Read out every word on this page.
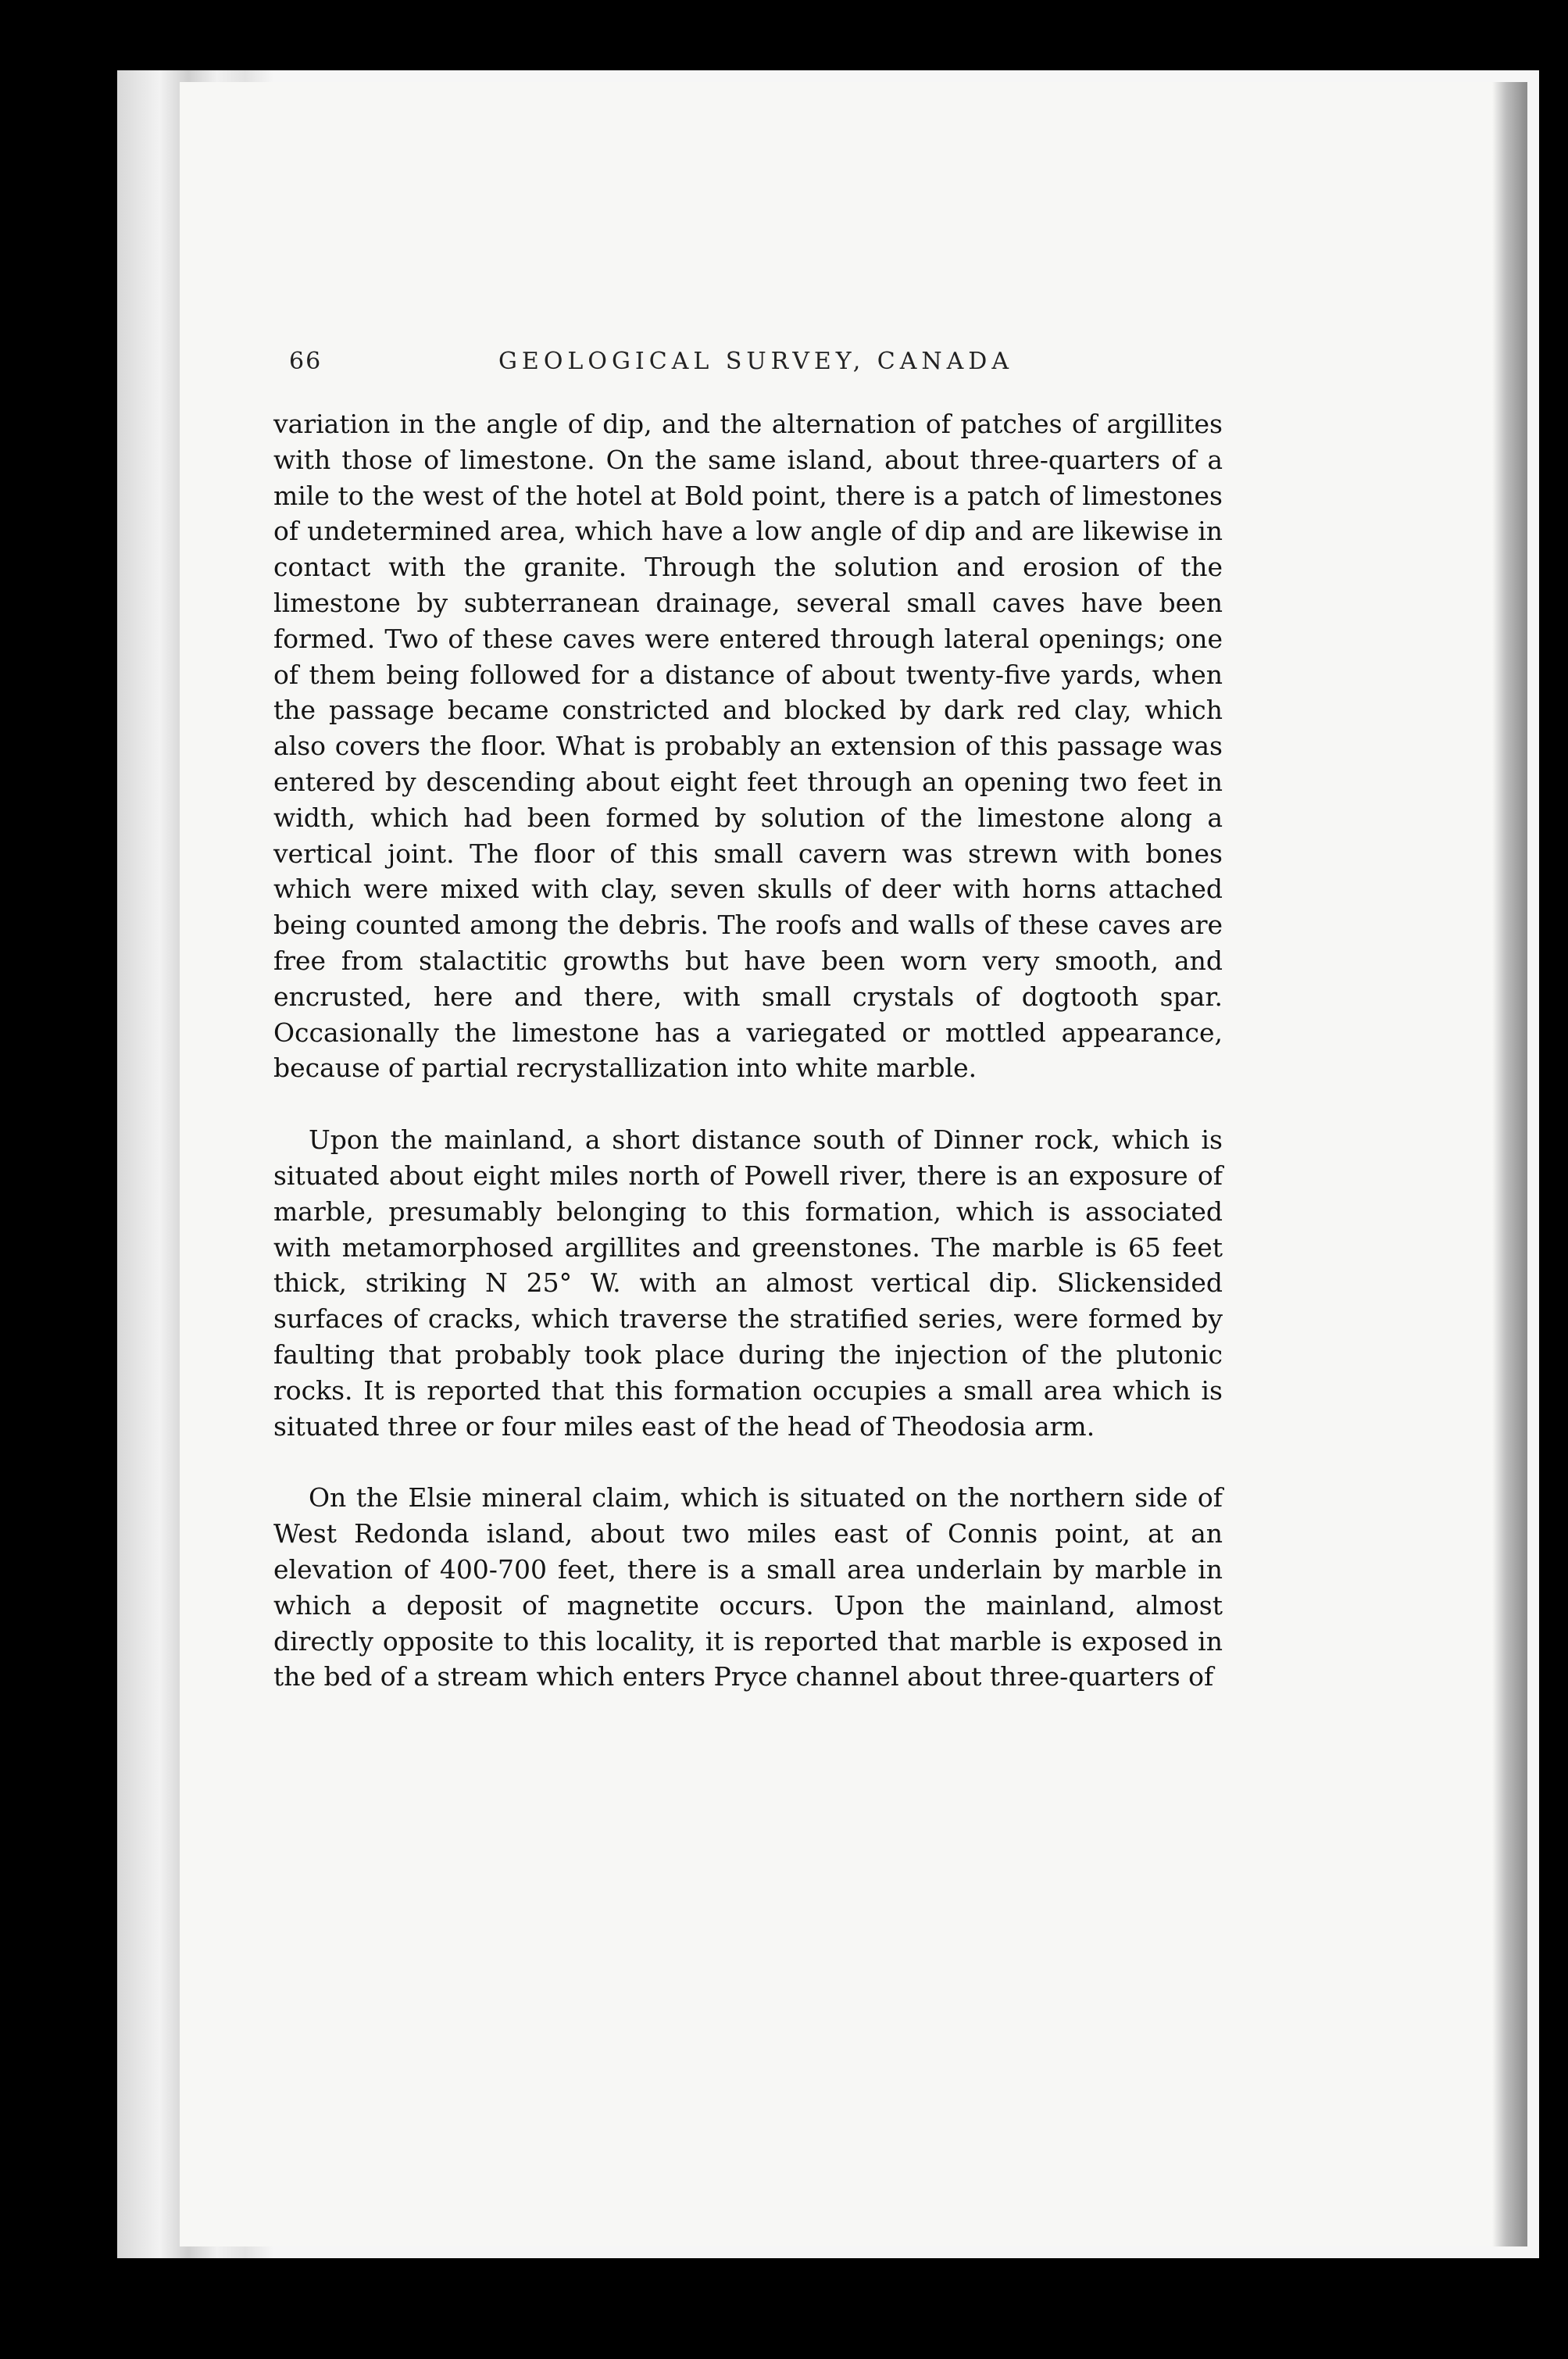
66	GEOLOGICAL SURVEY, CANADA

variation in the angle of dip, and the alternation of patches of argillites with those of limestone. On the same island, about three-quarters of a mile to the west of the hotel at Bold point, there is a patch of limestones of undetermined area, which have a low angle of dip and are likewise in contact with the granite. Through the solution and erosion of the limestone by subterranean drainage, several small caves have been formed. Two of these caves were entered through lateral openings; one of them being followed for a distance of about twenty-five yards, when the passage became constricted and blocked by dark red clay, which also covers the floor. What is probably an extension of this passage was entered by descending about eight feet through an opening two feet in width, which had been formed by solution of the limestone along a vertical joint. The floor of this small cavern was strewn with bones which were mixed with clay, seven skulls of deer with horns attached being counted among the debris. The roofs and walls of these caves are free from stalactitic growths but have been worn very smooth, and encrusted, here and there, with small crystals of dogtooth spar. Occasionally the limestone has a variegated or mottled appearance, because of partial recrystallization into white marble.

Upon the mainland, a short distance south of Dinner rock, which is situated about eight miles north of Powell river, there is an exposure of marble, presumably belonging to this formation, which is associated with metamorphosed argillites and greenstones. The marble is 65 feet thick, striking N 25° W. with an almost vertical dip. Slickensided surfaces of cracks, which traverse the stratified series, were formed by faulting that probably took place during the injection of the plutonic rocks. It is reported that this formation occupies a small area which is situated three or four miles east of the head of Theodosia arm.

On the Elsie mineral claim, which is situated on the northern side of West Redonda island, about two miles east of Connis point, at an elevation of 400-700 feet, there is a small area underlain by marble in which a deposit of magnetite occurs. Upon the mainland, almost directly opposite to this locality, it is reported that marble is exposed in the bed of a stream which enters Pryce channel about three-quarters of
